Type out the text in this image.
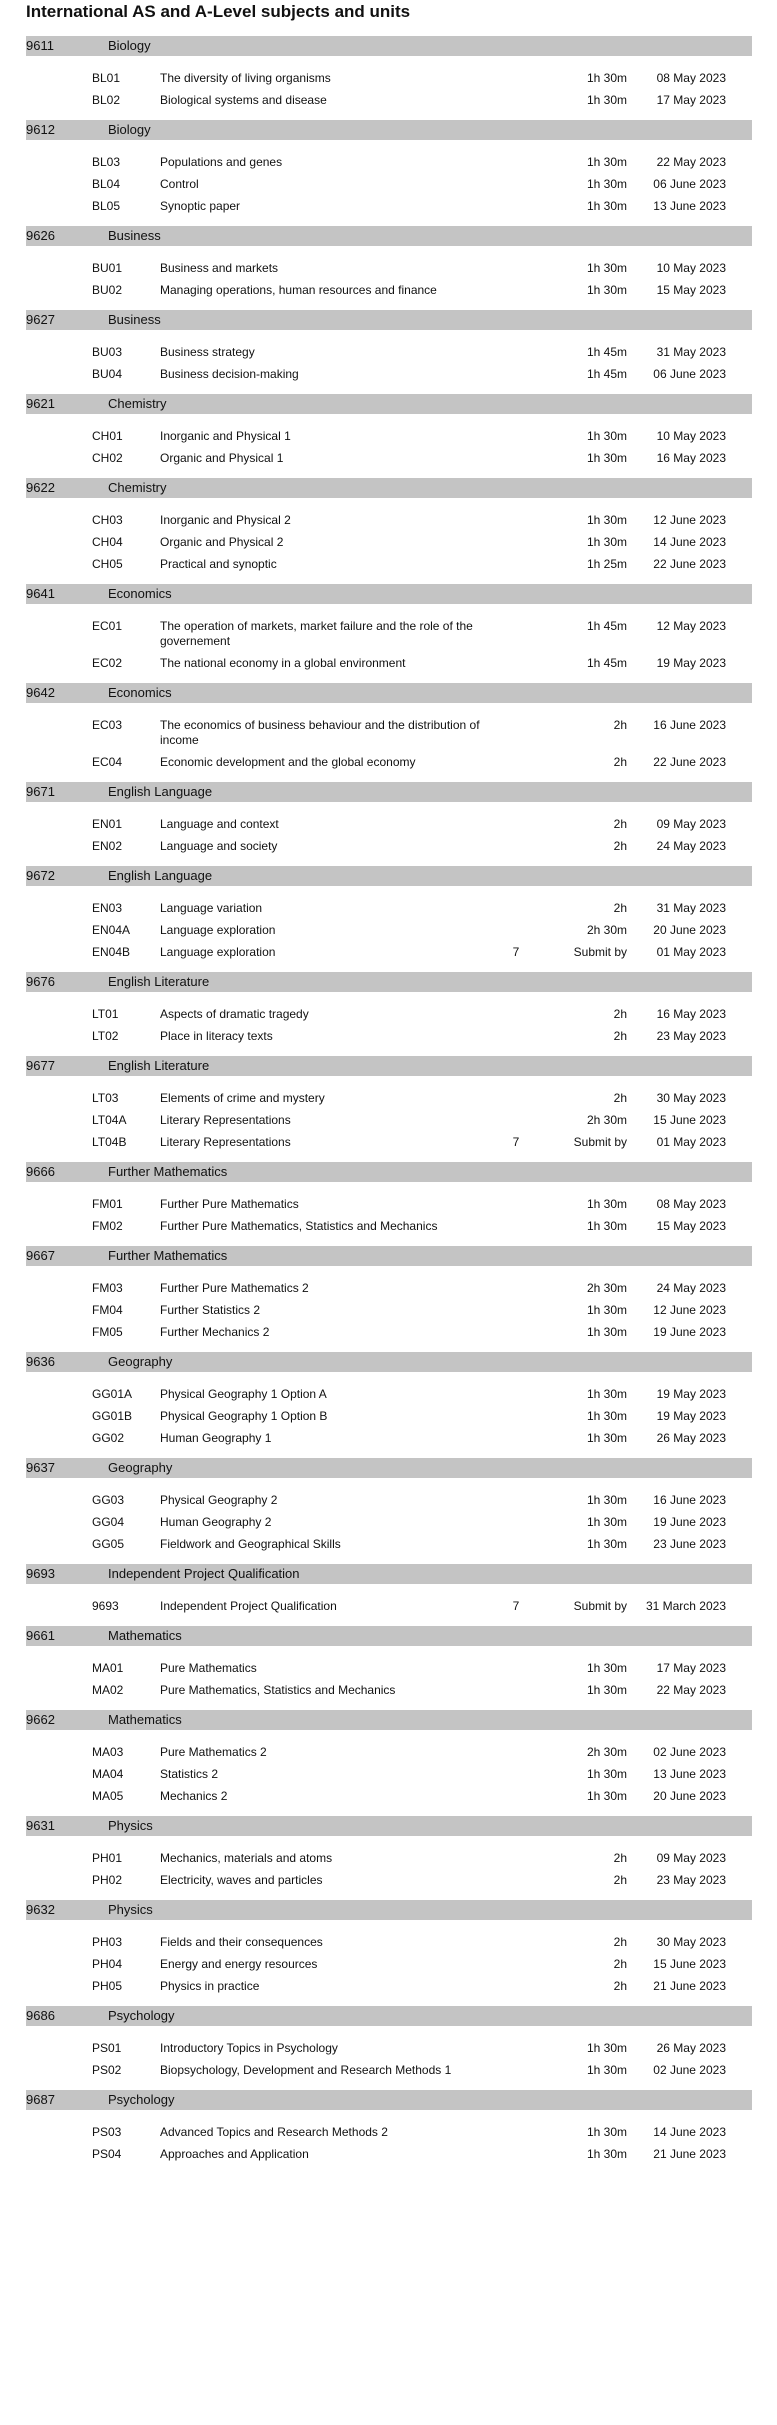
International AS and A-Level subjects and units
9611	Biology
BL01	The diversity of living organisms	1h 30m 08 May 2023
BL02	Biological systems and disease	1h 30m 17 May 2023
9612	Biology
BL03	Populations and genes	1h 30m 22 May 2023
BL04	Control	1h 30m 06 June 2023
BL05	Synoptic paper	1h 30m 13 June 2023
9626	Business
BU01	Business and markets	1h 30m 10 May 2023
BU02	Managing operations, human resources and finance	1h 30m 15 May 2023
9627	Business
BU03	Business strategy	1h 45m 31 May 2023
BU04	Business decision-making	1h 45m 06 June 2023
9621	Chemistry
CH01	Inorganic and Physical 1	1h 30m 10 May 2023
CH02	Organic and Physical 1	1h 30m 16 May 2023
9622	Chemistry
CH03	Inorganic and Physical 2	1h 30m 12 June 2023
CH04	Organic and Physical 2	1h 30m 14 June 2023
CH05	Practical and synoptic	1h 25m 22 June 2023
9641	Economics
EC01	The operation of markets, market failure and the role of the governement
1h 45m 12 May 2023
EC02	The national economy in a global environment	1h 45m 19 May 2023
9642	Economics
EC03	The economics of business behaviour and the distribution of income
2h 16 June 2023
EC04	Economic development and the global economy	2h 22 June 2023
9671	English Language
EN01	Language and context	2h 09 May 2023
EN02	Language and society	2h 24 May 2023
9672	English Language
EN03	Language variation	2h 31 May 2023
EN04A Language exploration	2h 30m 20 June 2023
EN04B Language exploration	7	Submit by 01 May 2023
9676	English Literature
LT01	Aspects of dramatic tragedy	2h 16 May 2023
LT02	Place in literacy texts	2h 23 May 2023
9677	English Literature
LT03	Elements of crime and mystery	2h 30 May 2023
LT04A	Literary Representations	2h 30m 15 June 2023
LT04B	Literary Representations	7	Submit by 01 May 2023
9666	Further Mathematics
FM01	Further Pure Mathematics	1h 30m 08 May 2023
FM02	Further Pure Mathematics, Statistics and Mechanics	1h 30m 15 May 2023
9667	Further Mathematics
FM03	Further Pure Mathematics 2	2h 30m 24 May 2023
FM04	Further Statistics 2	1h 30m 12 June 2023
FM05	Further Mechanics 2	1h 30m 19 June 2023
9636	Geography
GG01A Physical Geography 1 Option A	1h 30m 19 May 2023
GG01B Physical Geography 1 Option B	1h 30m 19 May 2023
GG02	Human Geography 1	1h 30m 26 May 2023
9637	Geography
GG03	Physical Geography 2	1h 30m 16 June 2023
GG04	Human Geography 2	1h 30m 19 June 2023
GG05	Fieldwork and Geographical Skills	1h 30m 23 June 2023
9693	Independent Project Qualification
9693	Independent Project Qualification	7	Submit by 31 March 2023
9661	Mathematics
MA01	Pure Mathematics	1h 30m 17 May 2023
MA02	Pure Mathematics, Statistics and Mechanics	1h 30m 22 May 2023
9662	Mathematics
MA03	Pure Mathematics 2	2h 30m 02 June 2023
MA04	Statistics 2	1h 30m 13 June 2023
MA05	Mechanics 2	1h 30m 20 June 2023
9631	Physics
PH01	Mechanics, materials and atoms	2h 09 May 2023
PH02	Electricity, waves and particles	2h 23 May 2023
9632	Physics
PH03	Fields and their consequences	2h 30 May 2023
PH04	Energy and energy resources	2h 15 June 2023
PH05	Physics in practice	2h 21 June 2023
9686	Psychology
PS01	Introductory Topics in Psychology	1h 30m 26 May 2023
PS02	Biopsychology, Development and Research Methods 1	1h 30m 02 June 2023
9687	Psychology
PS03	Advanced Topics and Research Methods 2	1h 30m 14 June 2023
PS04	Approaches and Application	1h 30m 21 June 2023
